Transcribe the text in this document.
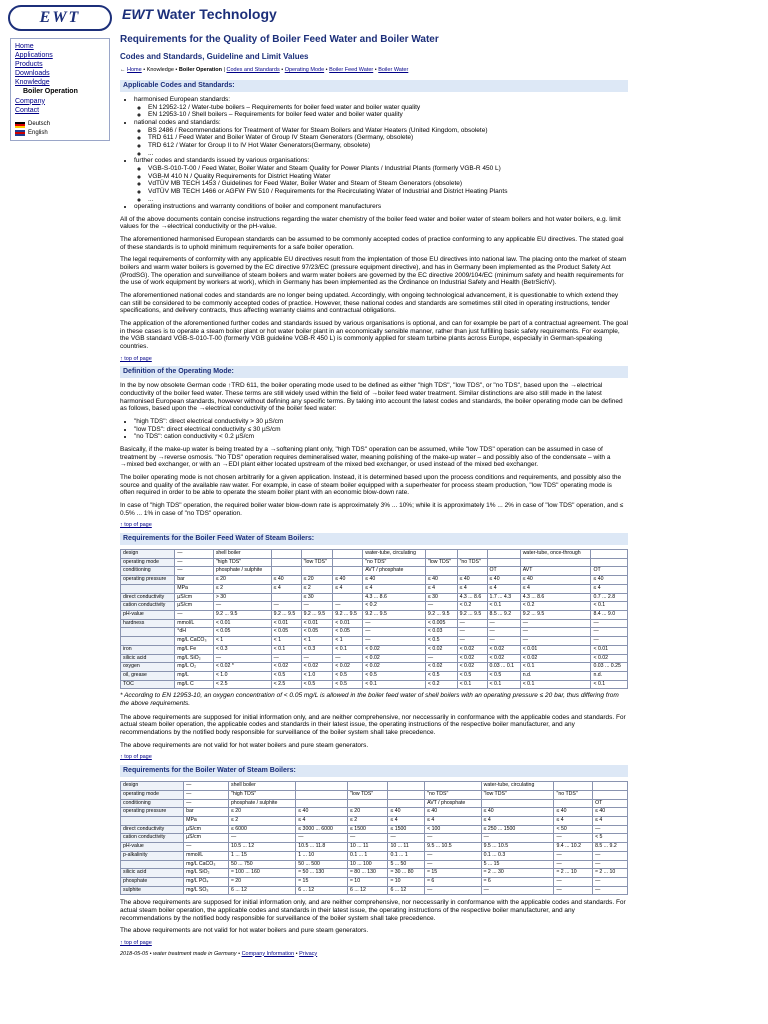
EWT	EWT Water Technology
Home
Applications
Products
Downloads
Knowledge
Boiler Operation
Company
Contact
Deutsch
English
Requirements for the Quality of Boiler Feed Water and Boiler Water
Codes and Standards, Guideline and Limit Values
← Home • Knowledge • Boiler Operation | Codes and Standards • Operating Mode • Boiler Feed Water • Boiler Water
Applicable Codes and Standards:
• harmonised European standards:
◦ EN 12952-12 / Water-tube boilers – Requirements for boiler feed water and boiler water quality
◦ EN 12953-10 / Shell boilers – Requirements for boiler feed water and boiler water quality
• national codes and standards:
◦ BS 2486 / Recommendations for Treatment of Water for Steam Boilers and Water Heaters (United Kingdom, obsolete)
◦ TRD 611 / Feed Water and Boiler Water of Group IV Steam Generators (Germany, obsolete)
◦ TRD 612 / Water for Group II to IV Hot Water Generators(Germany, obsolete)
◦ ...
• further codes and standards issued by various organisations:
◦ VGB-S-010-T-00 / Feed Water, Boiler Water and Steam Quality for Power Plants / Industrial Plants (formerly VGB-R 450 L)
◦ VGB-M 410 N / Quality Requirements for District Heating Water
◦ VdTÜV MB TECH 1453 / Guidelines for Feed Water, Boiler Water and Steam of Steam Generators (obsolete)
◦ VdTÜV MB TECH 1466 or AGFW FW 510 / Requirements for the Recirculating Water of Industrial and District Heating Plants
◦ ...
• operating instructions and warranty conditions of boiler and component manufacturers

All of the above documents contain concise instructions regarding the water chemistry of the boiler feed water and boiler water of steam boilers and hot water boilers, e.g. limit values for the →electrical conductivity or the pH-value.

The aforementioned harmonised European standards can be assumed to be commonly accepted codes of practice conforming to any applicable EU directives. The stated goal of these standards is to uphold minimum requirements for a safe boiler operation.

The legal requirements of conformity with any applicable EU directives result from the implentation of those EU directives into national law. The placing onto the market of steam boilers and warm water boilers is governed by the EC directive 97/23/EC (pressure equipment directive), and has in Germany been implemented as the Product Safety Act (ProdSG). The operation and surveillance of steam boilers and warm water boilers are governed by the EC directive 2009/104/EC (minimum safety and health requirements for the use of work equipment by workers at work), which in Germany has been implemented as the Ordinance on Industrial Safety and Health (BetrSichV).

The aforementioned national codes and standards are no longer being updated. Accordingly, with ongoing technological advancement, it is questionable to which extend they can still be considered to be commonly accepted codes of practice. However, these national codes and standards are sometimes still cited in operating instructions, tender specifications, and delivery contracts, thus affecting warranty claims and contractual obligations.

The application of the aforementioned further codes and standards issued by various organisations is optional, and can for example be part of a contractual agreement. The goal in these cases is to operate a steam boiler plant or hot water boiler plant in an economically sensible manner, rather than just fulfilling basic safety requirements. For example, the VGB standard VGB-S-010-T-00 (formerly VGB guideline VGB-R 450 L) is commonly applied for steam turbine plants across Europe, especially in German-speaking countries.

↑ top of page
Definition of the Operating Mode:

In the by now obsolete German code ↑TRD 611, the boiler operating mode used to be defined as either "high TDS", "low TDS", or "no TDS", based upon the →electrical conductivity of the boiler feed water. These terms are still widely used within the field of →boiler feed water treatment. Similar distinctions are also still made in the latest harmonised European standards, however without defining any specific terms. By taking into account the latest codes and standards, the boiler operating mode can be defined as follows, based upon the →electrical conductivity of the boiler feed water:

• "high TDS": direct electrical conductivity > 30 µS/cm
• "low TDS": direct electrical conductivity ≤ 30 µS/cm
• "no TDS": cation conductivity < 0.2 µS/cm

Basically, if the make-up water is being treated by a →softening plant only, "high TDS" operation can be assumed, while "low TDS" operation can be assumed in case of treatment by →reverse osmosis. "No TDS" operation requires demineralised water, meaning polishing of the make-up water – and possibly also of the condensate – with a →mixed bed exchanger, or with an →EDI plant either located upstream of the mixed bed exchanger, or used instead of the mixed bed exchanger.

The boiler operating mode is not chosen arbitrarily for a given application. Instead, it is determined based upon the process conditions and requirements, and possibly also the source and quality of the available raw water. For example, in case of steam boiler equipped with a superheater for process steam production, "low TDS" operating mode is often required in order to be able to operate the steam boiler plant with an economic blow-down rate.

In case of "high TDS" operation, the required boiler water blow-down rate is approximately 3% ... 10%; while it is approximately 1% ... 2% in case of "low TDS" operation, and ≤ 0.5% ... 1% in case of "no TDS" operation.

↑ top of page
Requirements for the Boiler Feed Water of Steam Boilers:
design	—	shell boiler				water-tube, circulating				water-tube, once-through	
operating mode	—	"high TDS"		"low TDS"		"no TDS"	"low TDS"	"no TDS"			
conditioning	—	phosphate / sulphite				AVT / phosphate			OT	AVT	OT
operating pressure	bar	≤ 20	≤ 40	≤ 20	≤ 40	≤ 40	≤ 40	≤ 40	≤ 40	≤ 40	≤ 40
	MPa	≤ 2	≤ 4	≤ 2	≤ 4	≤ 4	≤ 4	≤ 4	≤ 4	≤ 4	≤ 4
direct conductivity	µS/cm	> 30		≤ 30		4.3 ... 8.6	≤ 30	4.3 ... 8.6	1.7 ... 4.3	4.3 ... 8.6	0.7 ... 2.8
cation conductivity	µS/cm	—	—	—	—	< 0.2	—	< 0.2	< 0.1	< 0.2	< 0.1
pH-value	—	9.2 ... 9.5	9.2 ... 9.5	9.2 ... 9.5	9.2 ... 9.5	9.2 ... 9.5	9.2 ... 9.5	9.2 ... 9.5	8.5 ... 9.2	9.2 ... 9.5	8.4 ... 9.0
hardness	mmol/L	< 0.01	< 0.01	< 0.01	< 0.01	—	< 0.005	—	—	—	—
	°dH	< 0.05	< 0.05	< 0.05	< 0.05	—	< 0.03	—	—	—	—
	mg/L CaCO₃	< 1	< 1	< 1	< 1	—	< 0.5	—	—	—	—
iron	mg/L Fe	< 0.3	< 0.1	< 0.3	< 0.1	< 0.02	< 0.02	< 0.02	< 0.02	< 0.01	< 0.01
silicic acid	mg/L SiO₂	—	—	—	—	< 0.02	—	< 0.02	< 0.02	< 0.02	< 0.02
oxygen	mg/L O₂	< 0.02 *	< 0.02	< 0.02	< 0.02	< 0.02	< 0.02	< 0.02	0.03 ... 0.1	< 0.1	0.03 ... 0.25
oil, grease	mg/L	< 1.0	< 0.5	< 1.0	< 0.5	< 0.5	< 0.5	< 0.5	< 0.5	n.d.	n.d.
TOC	mg/L C	< 2.5	< 2.5	< 0.5	< 0.5	< 0.1	< 0.2	< 0.1	< 0.1	< 0.1	< 0.1

* According to EN 12953-10, an oxygen concentration of < 0.05 mg/L is allowed in the boiler feed water of shell boilers with an operating pressure ≤ 20 bar, thus differing from the above requirements.

The above requirements are supposed for initial information only, and are neither comprehensive, nor neccessarily in conformance with the applicable codes and standards. For actual steam boiler operation, the applicable codes and standards in their latest issue, the operating instructions of the respective boiler manufacturer, and any recommendations by the notified body responsible for surveillance of the boiler system shall take precedence.

The above requirements are not valid for hot water boilers and pure steam generators.

↑ top of page
Requirements for the Boiler Water of Steam Boilers:
design	—	shell boiler					water-tube, circulating		
operating mode	—	"high TDS"		"low TDS"		"no TDS"	"low TDS"	"no TDS"	
conditioning	—	phosphate / sulphite				AVT / phosphate			OT
operating pressure	bar	≤ 20	≤ 40	≤ 20	≤ 40	≤ 40	≤ 40	≤ 40	≤ 40
	MPa	≤ 2	≤ 4	≤ 2	≤ 4	≤ 4	≤ 4	≤ 4	≤ 4
direct conductivity	µS/cm	≤ 6000	≤ 3000 ... 6000	≤ 1500	≤ 1500	< 100	≤ 250 ... 1500	< 50	—
cation conductivity	µS/cm	—	—	—	—	—	—	—	< 5
pH-value	—	10.5 ... 12	10.5 ... 11.8	10 ... 11	10 ... 11	9.5 ... 10.5	9.5 ... 10.5	9.4 ... 10.2	8.5 ... 9.2
p-alkalinity	mmol/L	1 ... 15	1 ... 10	0.1 ... 1	0.1 ... 1	—	0.1 ... 0.3	—	—
	mg/L CaCO₃	50 ... 750	50 ... 500	10 ... 100	5 ... 50	—	5 ... 15	—	—
silicic acid	mg/L SiO₂	≈ 100 ... 160	≈ 50 ... 130	≈ 80 ... 130	≈ 30 ... 80	≈ 15	≈ 2 ... 30	≈ 2 ... 10	≈ 2 ... 10
phosphate	mg/L PO₄	≈ 20	≈ 15	≈ 10	≈ 10	≈ 6	≈ 6	—	—
sulphite	mg/L SO₃	6 ... 12	6 ... 12	6 ... 12	6 ... 12	—	—	—	—

The above requirements are supposed for initial information only, and are neither comprehensive, nor neccessarily in conformance with the applicable codes and standards. For actual steam boiler operation, the applicable codes and standards in their latest issue, the operating instructions of the respective boiler manufacturer, and any recommendations by the notified body responsible for surveillance of the boiler system shall take precedence.

The above requirements are not valid for hot water boilers and pure steam generators.

↑ top of page
2018-05-05 • water treatment made in Germany • Company Information • Privacy
